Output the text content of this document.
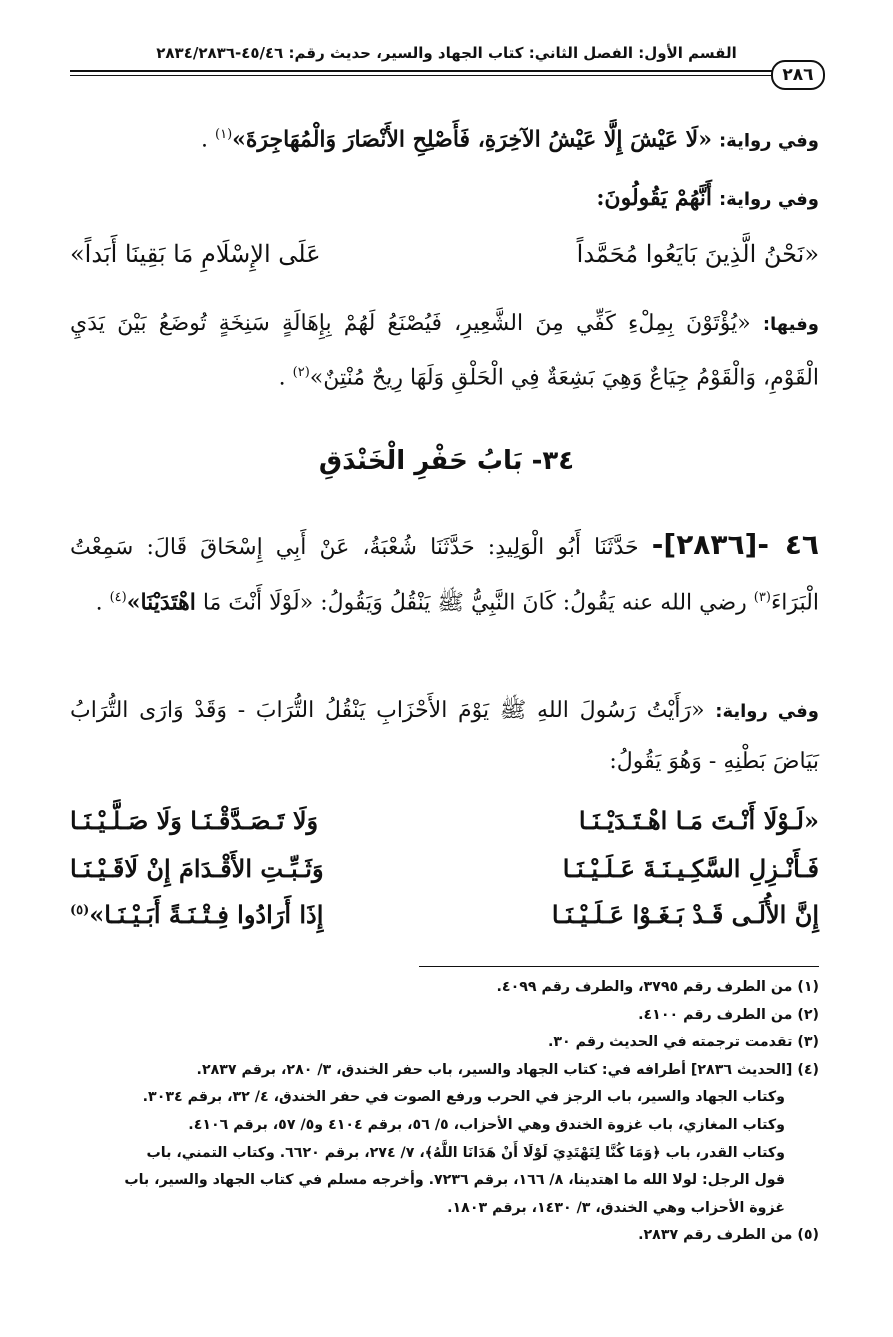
القسم الأول: الفصل الثاني: كتاب الجهاد والسير، حديث رقم: ٤٥/٤٦-٢٨٣٤/٢٨٣٦
٢٨٦
وفي رواية: «لَا عَيْشَ إِلَّا عَيْشُ الآخِرَةِ، فَأَصْلِحِ الأَنْصَارَ وَالْمُهَاجِرَةَ»$^{(١)}$ .
وفي رواية: أَنَّهُمْ يَقُولُونَ:
«نَحْنُ الَّذِينَ بَايَعُوا مُحَمَّداً
عَلَى الإِسْلَامِ مَا بَقِينَا أَبَداً»
وفيها: «يُؤْتَوْنَ بِمِلْءِ كَفِّي مِنَ الشَّعِيرِ، فَيُصْنَعُ لَهُمْ بِإِهَالَةٍ سَنِخَةٍ تُوضَعُ بَيْنَ يَدَيِ الْقَوْمِ، وَالْقَوْمُ جِيَاعٌ وَهِيَ بَشِعَةٌ فِي الْحَلْقِ وَلَهَا رِيحٌ مُنْتِنٌ»$^{(٢)}$ .
٣٤- بَابُ حَفْرِ الْخَنْدَقِ
٤٦ -[٢٨٣٦]- حَدَّثَنَا أَبُو الْوَلِيدِ: حَدَّثَنَا شُعْبَةُ، عَنْ أَبِي إِسْحَاقَ قَالَ: سَمِعْتُ الْبَرَاءَ$^{(٣)}$ رضي الله عنه يَقُولُ: كَانَ النَّبِيُّ ﷺ يَنْقُلُ وَيَقُولُ: «لَوْلَا أَنْتَ مَا اهْتَدَيْنَا»$^{(٤)}$ .
وفي رواية: «رَأَيْتُ رَسُولَ اللهِ ﷺ يَوْمَ الأَحْزَابِ يَنْقُلُ التُّرَابَ - وَقَدْ وَارَى التُّرَابُ بَيَاضَ بَطْنِهِ - وَهُوَ يَقُولُ:
«لَـوْلَا أَنْـتَ مَـا اهْـتَـدَيْـنَـا
وَلَا تَـصَـدَّقْـنَـا وَلَا صَـلَّـيْـنَـا
فَـأَنْـزِلِ السَّكِـيـنَـةَ عَـلَـيْـنَـا
وَثَـبِّـتِ الأَقْـدَامَ إِنْ لَاقَـيْـنَـا
إِنَّ الأُلَـى قَـدْ بَـغَـوْا عَـلَـيْـنَـا
إِذَا أَرَادُوا فِـتْـنَـةً أَبَـيْـنَـا»$^{(٥)}$
(١) من الطرف رقم ٣٧٩٥، والطرف رقم ٤٠٩٩.
(٢) من الطرف رقم ٤١٠٠.
(٣) تقدمت ترجمته في الحديث رقم ٣٠.
(٤) [الحديث ٢٨٣٦] أطرافه في: كتاب الجهاد والسير، باب حفر الخندق، ٣/ ٢٨٠، برقم ٢٨٣٧.
وكتاب الجهاد والسير، باب الرجز في الحرب ورفع الصوت في حفر الخندق، ٤/ ٣٢، برقم ٣٠٣٤.
وكتاب المغازي، باب غزوة الخندق وهي الأحزاب، ٥/ ٥٦، برقم ٤١٠٤ و٥/ ٥٧، برقم ٤١٠٦.
وكتاب القدر، باب ﴿وَمَا كُنَّا لِنَهْتَدِيَ لَوْلَا أَنْ هَدَانَا اللَّهُ﴾، ٧/ ٢٧٤، برقم ٦٦٢٠. وكتاب التمني، باب
قول الرجل: لولا الله ما اهتدينا، ٨/ ١٦٦، برقم ٧٢٣٦. وأخرجه مسلم في كتاب الجهاد والسير، باب
غزوة الأحزاب وهي الخندق، ٣/ ١٤٣٠، برقم ١٨٠٣.
(٥) من الطرف رقم ٢٨٣٧.
